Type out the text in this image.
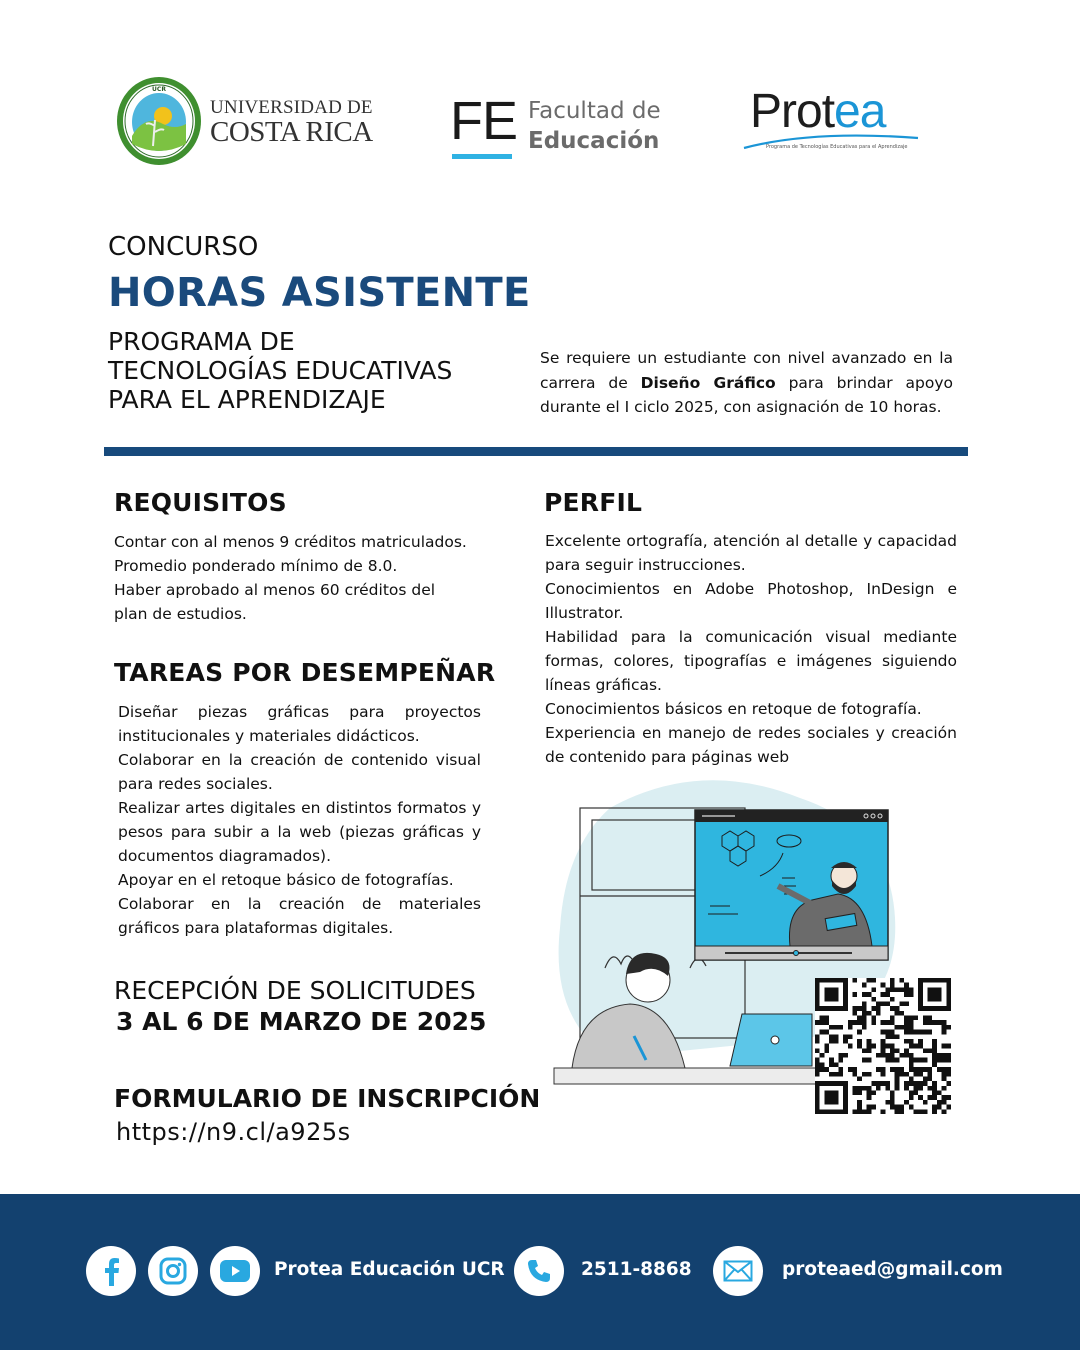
UCR
UNIVERSIDAD DE
COSTA RICA FE Facultad de
Educación
Protea
Programa de Tecnologías Educativas para el Aprendizaje
CONCURSO
HORAS ASISTENTE
PROGRAMA DE
TECNOLOGÍAS EDUCATIVAS
PARA EL APRENDIZAJE
Se requiere un estudiante con nivel avanzado en la carrera de Diseño Gráfico para brindar apoyo durante el I ciclo 2025, con asignación de 10 horas.
REQUISITOS
Contar con al menos 9 créditos matriculados.
Promedio ponderado mínimo de 8.0.
Haber aprobado al menos 60 créditos del plan de estudios.
TAREAS POR DESEMPEÑAR
Diseñar piezas gráficas para proyectos institucionales y materiales didácticos.
Colaborar en la creación de contenido visual para redes sociales.
Realizar artes digitales en distintos formatos y pesos para subir a la web (piezas gráficas y documentos diagramados).
Apoyar en el retoque básico de fotografías.
Colaborar en la creación de materiales gráficos para plataformas digitales.
PERFIL
Excelente ortografía, atención al detalle y capacidad para seguir instrucciones.
Conocimientos en Adobe Photoshop, InDesign e Illustrator.
Habilidad para la comunicación visual mediante formas, colores, tipografías e imágenes siguiendo líneas gráficas.
Conocimientos básicos en retoque de fotografía.
Experiencia en manejo de redes sociales y creación de contenido para páginas web
RECEPCIÓN DE SOLICITUDES
3 AL 6 DE MARZO DE 2025
FORMULARIO DE INSCRIPCIÓN
https://n9.cl/a925s
Protea Educación UCR	2511-8868	proteaed@gmail.com
